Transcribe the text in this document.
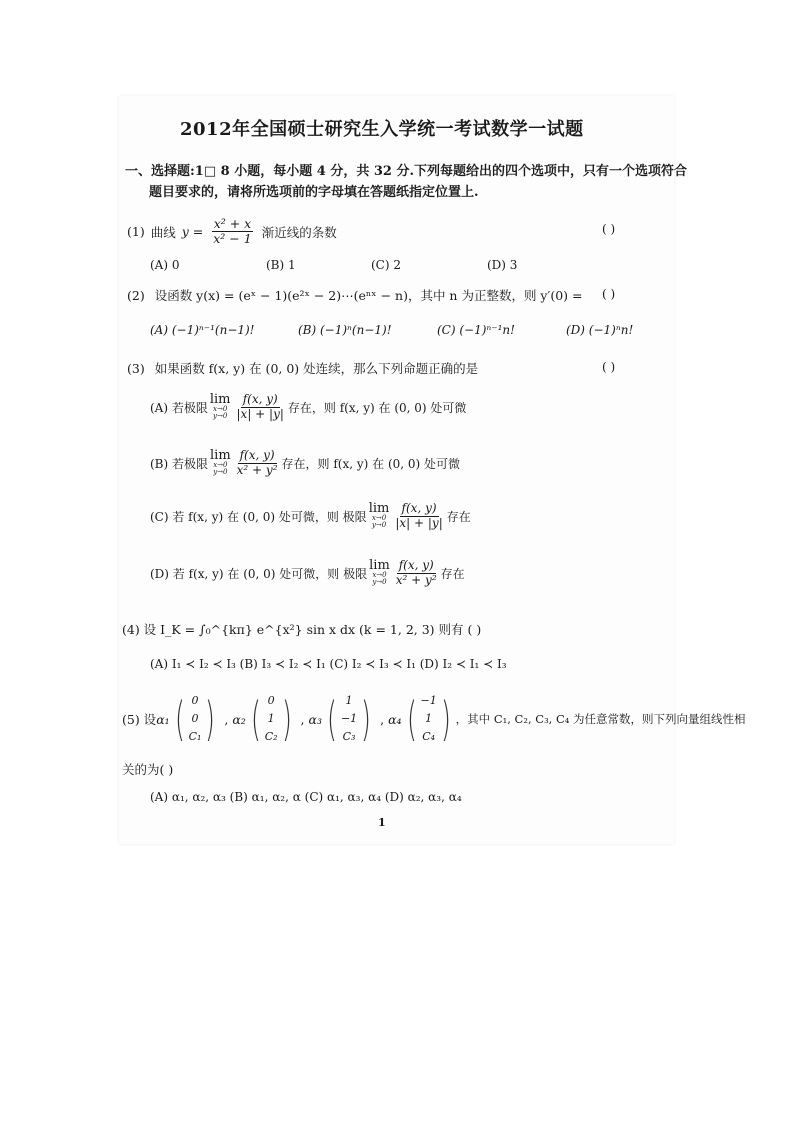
2012年全国硕士研究生入学统一考试数学一试题
一、选择题:1□ 8 小题，每小题 4 分，共 32 分.下列每题给出的四个选项中，只有一个选项符合
题目要求的，请将所选项前的字母填在答题纸指定位置上.
(1) 曲线 $y = \frac{\text{x² + x}}{\text{x² − 1}}$ 渐近线的条数	( )
(A) 0	(B) 1	(C) 2	(D) 3
(2) 设函数 y(x) = (eˣ − 1)(e²ˣ − 2)⋯(eⁿˣ − n)，其中 n 为正整数，则 y′(0) = ( )
(A) (−1)ⁿ⁻¹(n−1)!	(B) (−1)ⁿ(n−1)!	(C) (−1)ⁿ⁻¹n!	(D) (−1)ⁿn!
(3) 如果函数 f(x, y) 在 (0, 0) 处连续，那么下列命题正确的是	( )
(A) 若极限
lim
x→0
$y\to 0 \frac{f(x, y)}{|x| + |y|}$ 存在，则 f(x, y) 在 (0, 0) 处可微
(B) 若极限
lim
x→0
$y\to 0 \frac{f(x, y)}{\text{x² + y²}}$ 存在，则 f(x, y) 在 (0, 0) 处可微
(C) 若 f(x, y) 在 (0, 0) 处可微，则 极限
lim
x→0
$y\to 0 \frac{f(x, y)}{|x| + |y|}$ 存在
(D) 若 f(x, y) 在 (0, 0) 处可微，则 极限
lim
x→0
$y\to 0 \frac{f(x, y)}{\text{x² + y²}}$ 存在
(4) 设 I_K = ∫₀^{kπ} e^{x²} sin x dx (k = 1, 2, 3) 则有 ( )
(A) I₁ ≺ I₂ ≺ I₃ (B) I₃ ≺ I₂ ≺ I₁ (C) I₂ ≺ I₃ ≺ I₁ (D) I₂ ≺ I₁ ≺ I₃
(5) 设 α₁ ( 0
0
C₁ ) , α₂ ( 0
1
C₂ ) , α₃ ( 1
−1
C₃ ) , α₄ ( −1
1
C₄ ) ，其中 C₁, C₂, C₃, C₄ 为任意常数，则下列向量组线性相
关的为( )
(A) α₁, α₂, α₃ (B) α₁, α₂, α (C) α₁, α₃, α₄ (D) α₂, α₃, α₄
1
